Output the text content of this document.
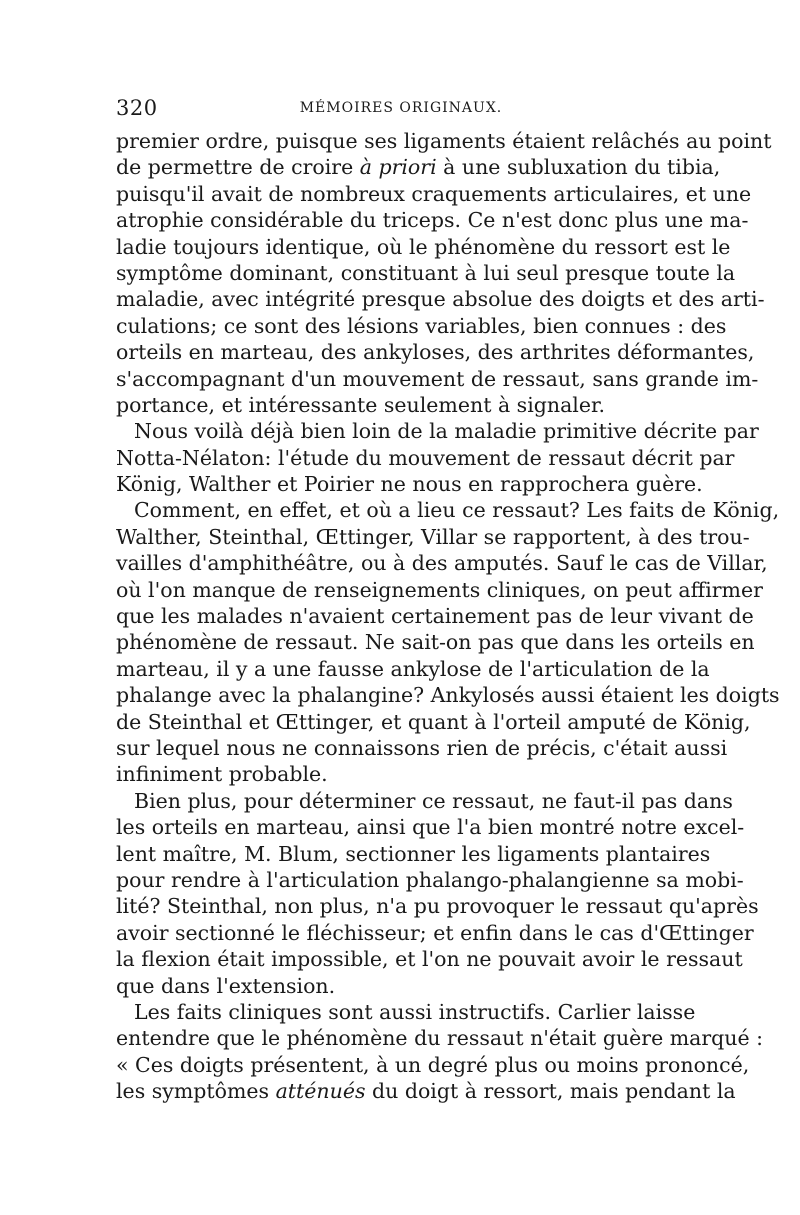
320	MÉMOIRES ORIGINAUX.
premier ordre, puisque ses ligaments étaient relâchés au point
de permettre de croire à priori à une subluxation du tibia,
puisqu'il avait de nombreux craquements articulaires, et une
atrophie considérable du triceps. Ce n'est donc plus une ma-
ladie toujours identique, où le phénomène du ressort est le
symptôme dominant, constituant à lui seul presque toute la
maladie, avec intégrité presque absolue des doigts et des arti-
culations; ce sont des lésions variables, bien connues : des
orteils en marteau, des ankyloses, des arthrites déformantes,
s'accompagnant d'un mouvement de ressaut, sans grande im-
portance, et intéressante seulement à signaler.
Nous voilà déjà bien loin de la maladie primitive décrite par
Notta-Nélaton: l'étude du mouvement de ressaut décrit par
König, Walther et Poirier ne nous en rapprochera guère.
Comment, en effet, et où a lieu ce ressaut? Les faits de König,
Walther, Steinthal, Œttinger, Villar se rapportent, à des trou-
vailles d'amphithéâtre, ou à des amputés. Sauf le cas de Villar,
où l'on manque de renseignements cliniques, on peut affirmer
que les malades n'avaient certainement pas de leur vivant de
phénomène de ressaut. Ne sait-on pas que dans les orteils en
marteau, il y a une fausse ankylose de l'articulation de la
phalange avec la phalangine? Ankylosés aussi étaient les doigts
de Steinthal et Œttinger, et quant à l'orteil amputé de König,
sur lequel nous ne connaissons rien de précis, c'était aussi
infiniment probable.
Bien plus, pour déterminer ce ressaut, ne faut-il pas dans
les orteils en marteau, ainsi que l'a bien montré notre excel-
lent maître, M. Blum, sectionner les ligaments plantaires
pour rendre à l'articulation phalango-phalangienne sa mobi-
lité? Steinthal, non plus, n'a pu provoquer le ressaut qu'après
avoir sectionné le fléchisseur; et enfin dans le cas d'Œttinger
la flexion était impossible, et l'on ne pouvait avoir le ressaut
que dans l'extension.
Les faits cliniques sont aussi instructifs. Carlier laisse
entendre que le phénomène du ressaut n'était guère marqué :
« Ces doigts présentent, à un degré plus ou moins prononcé,
les symptômes atténués du doigt à ressort, mais pendant la
